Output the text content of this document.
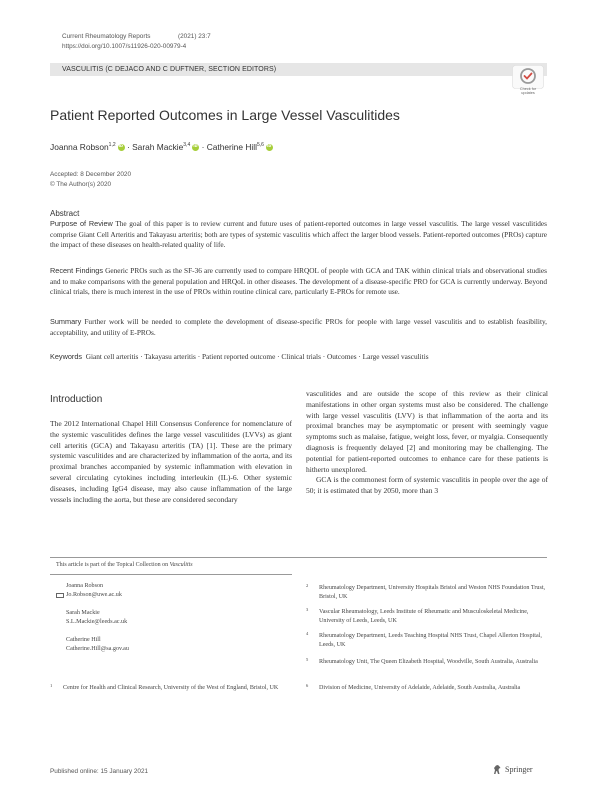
Current Rheumatology Reports	(2021) 23:7
https://doi.org/10.1007/s11926-020-00979-4
VASCULITIS (C DEJACO AND C DUFTNER, SECTION EDITORS)
Check for
updates
Patient Reported Outcomes in Large Vessel Vasculitides
Joanna Robson$^{1,2}$ iD · Sarah Mackie$^{3,4}$ iD · Catherine Hill$^{5,6}$iD
Accepted: 8 December 2020
© The Author(s) 2020
Abstract
Purpose of Review The goal of this paper is to review current and future uses of patient-reported outcomes in large vessel vasculitis. The large vessel vasculitides comprise Giant Cell Arteritis and Takayasu arteritis; both are types of systemic vasculitis which affect the larger blood vessels. Patient-reported outcomes (PROs) capture the impact of these diseases on health-related quality of life.
Recent Findings Generic PROs such as the SF-36 are currently used to compare HRQOL of people with GCA and TAK within clinical trials and observational studies and to make comparisons with the general population and HRQoL in other diseases. The development of a disease-specific PRO for GCA is currently underway. Beyond clinical trials, there is much interest in the use of PROs within routine clinical care, particularly E-PROs for remote use.
Summary Further work will be needed to complete the development of disease-specific PROs for people with large vessel vasculitis and to establish feasibility, acceptability, and utility of E-PROs.
Keywords Giant cell arteritis · Takayasu arteritis · Patient reported outcome · Clinical trials · Outcomes · Large vessel vasculitis
Introduction

The 2012 International Chapel Hill Consensus Conference for nomenclature of the systemic vasculitides defines the large vessel vasculitides (LVVs) as giant cell arteritis (GCA) and Takayasu arteritis (TA) [1]. These are the primary systemic vasculitides and are characterized by inflammation of the aorta, and its proximal branches accompanied by systemic inflammation with elevation in several circulating cytokines including interleukin (IL)-6. Other systemic diseases, including IgG4 disease, may also cause inflammation of the large vessels including the aorta, but these are considered secondary

vasculitides and are outside the scope of this review as their clinical manifestations in other organ systems must also be considered. The challenge with large vessel vasculitis (LVV) is that inflammation of the aorta and its proximal branches may be asymptomatic or present with seemingly vague symptoms such as malaise, fatigue, weight loss, fever, or myalgia. Consequently diagnosis is frequently delayed [2] and monitoring may be challenging. The potential for patient-reported outcomes to enhance care for these patients is hitherto unexplored.

GCA is the commonest form of systemic vasculitis in people over the age of 50; it is estimated that by 2050, more than 3

This article is part of the Topical Collection on Vasculitis
Joanna Robson
Jo.Robson@uwe.ac.uk
Sarah Mackie
S.L.Mackie@leeds.ac.uk
Catherine Hill
Catherine.Hill@sa.gov.au
1 Centre for Health and Clinical Research, University of the West of England, Bristol, UK
2 Rheumatology Department, University Hospitals Bristol and Weston NHS Foundation Trust, Bristol, UK
3 Vascular Rheumatology, Leeds Institute of Rheumatic and Musculoskeletal Medicine, University of Leeds, Leeds, UK
4 Rheumatology Department, Leeds Teaching Hospital NHS Trust, Chapel Allerton Hospital, Leeds, UK
5 Rheumatology Unit, The Queen Elizabeth Hospital, Woodville, South Australia, Australia
6 Division of Medicine, University of Adelaide, Adelaide, South Australia, Australia
Published online: 15 January 2021	Springer
